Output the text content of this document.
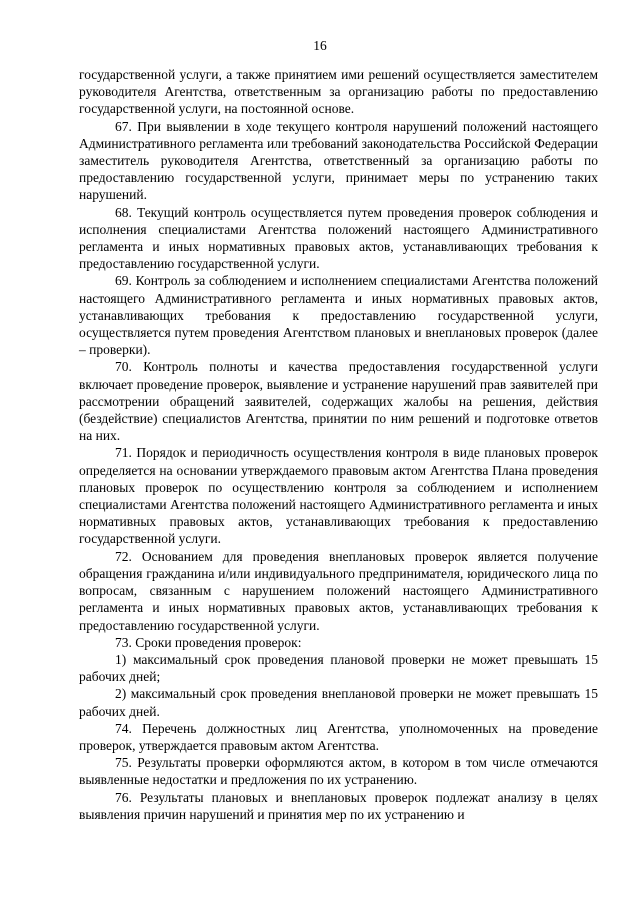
16

государственной услуги, а также принятием ими решений осуществляется заместителем руководителя Агентства, ответственным за организацию работы по предоставлению государственной услуги, на постоянной основе.

67. При выявлении в ходе текущего контроля нарушений положений настоящего Административного регламента или требований законодательства Российской Федерации заместитель руководителя Агентства, ответственный за организацию работы по предоставлению государственной услуги, принимает меры по устранению таких нарушений.

68. Текущий контроль осуществляется путем проведения проверок соблюдения и исполнения специалистами Агентства положений настоящего Административного регламента и иных нормативных правовых актов, устанавливающих требования к предоставлению государственной услуги.

69. Контроль за соблюдением и исполнением специалистами Агентства положений настоящего Административного регламента и иных нормативных правовых актов, устанавливающих требования к предоставлению государственной услуги, осуществляется путем проведения Агентством плановых и внеплановых проверок (далее – проверки).

70. Контроль полноты и качества предоставления государственной услуги включает проведение проверок, выявление и устранение нарушений прав заявителей при рассмотрении обращений заявителей, содержащих жалобы на решения, действия (бездействие) специалистов Агентства, принятии по ним решений и подготовке ответов на них.

71. Порядок и периодичность осуществления контроля в виде плановых проверок определяется на основании утверждаемого правовым актом Агентства Плана проведения плановых проверок по осуществлению контроля за соблюдением и исполнением специалистами Агентства положений настоящего Административного регламента и иных нормативных правовых актов, устанавливающих требования к предоставлению государственной услуги.

72. Основанием для проведения внеплановых проверок является получение обращения гражданина и/или индивидуального предпринимателя, юридического лица по вопросам, связанным с нарушением положений настоящего Административного регламента и иных нормативных правовых актов, устанавливающих требования к предоставлению государственной услуги.

73. Сроки проведения проверок:

1) максимальный срок проведения плановой проверки не может превышать 15 рабочих дней;

2) максимальный срок проведения внеплановой проверки не может превышать 15 рабочих дней.

74. Перечень должностных лиц Агентства, уполномоченных на проведение проверок, утверждается правовым актом Агентства.

75. Результаты проверки оформляются актом, в котором в том числе отмечаются выявленные недостатки и предложения по их устранению.

76. Результаты плановых и внеплановых проверок подлежат анализу в целях выявления причин нарушений и принятия мер по их устранению и
